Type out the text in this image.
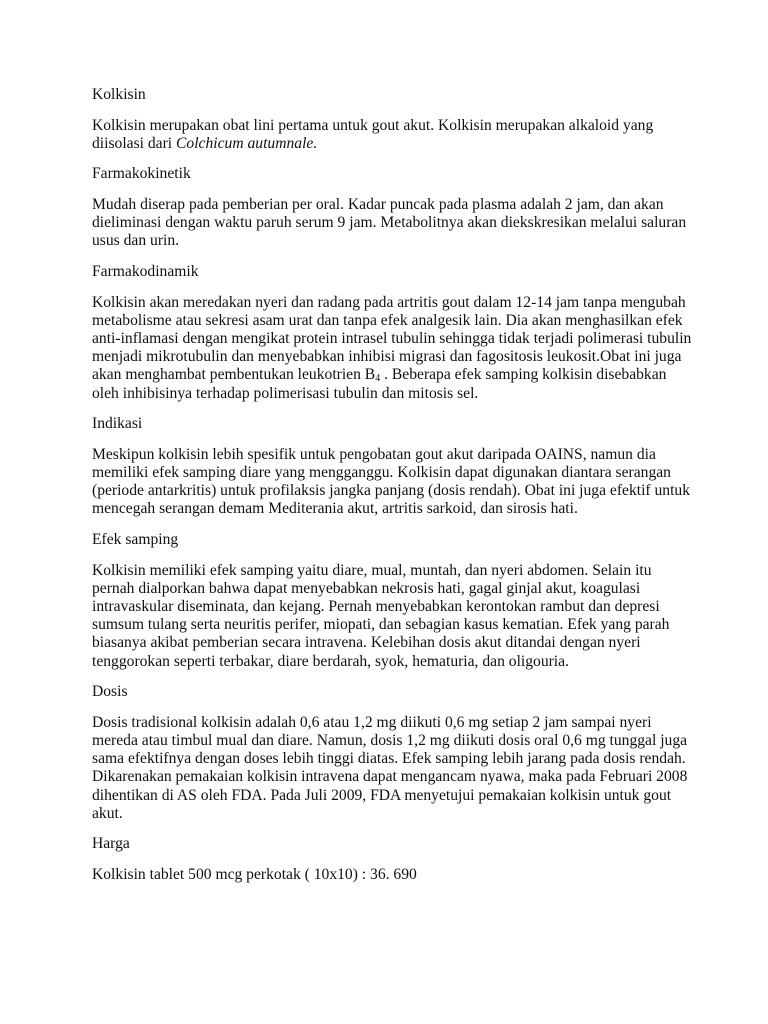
Kolkisin

Kolkisin merupakan obat lini pertama untuk gout akut. Kolkisin merupakan alkaloid yang diisolasi dari Colchicum autumnale.

Farmakokinetik

Mudah diserap pada pemberian per oral. Kadar puncak pada plasma adalah 2 jam, dan akan dieliminasi dengan waktu paruh serum 9 jam. Metabolitnya akan diekskresikan melalui saluran usus dan urin.

Farmakodinamik

Kolkisin akan meredakan nyeri dan radang pada artritis gout dalam 12-14 jam tanpa mengubah metabolisme atau sekresi asam urat dan tanpa efek analgesik lain. Dia akan menghasilkan efek anti-inflamasi dengan mengikat protein intrasel tubulin sehingga tidak terjadi polimerasi tubulin menjadi mikrotubulin dan menyebabkan inhibisi migrasi dan fagositosis leukosit.Obat ini juga akan menghambat pembentukan leukotrien $B_4$ . Beberapa efek samping kolkisin disebabkan oleh inhibisinya terhadap polimerisasi tubulin dan mitosis sel.

Indikasi

Meskipun kolkisin lebih spesifik untuk pengobatan gout akut daripada OAINS, namun dia memiliki efek samping diare yang mengganggu. Kolkisin dapat digunakan diantara serangan (periode antarkritis) untuk profilaksis jangka panjang (dosis rendah). Obat ini juga efektif untuk mencegah serangan demam Mediterania akut, artritis sarkoid, dan sirosis hati.

Efek samping

Kolkisin memiliki efek samping yaitu diare, mual, muntah, dan nyeri abdomen. Selain itu pernah dialporkan bahwa dapat menyebabkan nekrosis hati, gagal ginjal akut, koagulasi intravaskular diseminata, dan kejang. Pernah menyebabkan kerontokan rambut dan depresi sumsum tulang serta neuritis perifer, miopati, dan sebagian kasus kematian. Efek yang parah biasanya akibat pemberian secara intravena. Kelebihan dosis akut ditandai dengan nyeri tenggorokan seperti terbakar, diare berdarah, syok, hematuria, dan oligouria.

Dosis

Dosis tradisional kolkisin adalah 0,6 atau 1,2 mg diikuti 0,6 mg setiap 2 jam sampai nyeri mereda atau timbul mual dan diare. Namun, dosis 1,2 mg diikuti dosis oral 0,6 mg tunggal juga sama efektifnya dengan doses lebih tinggi diatas. Efek samping lebih jarang pada dosis rendah. Dikarenakan pemakaian kolkisin intravena dapat mengancam nyawa, maka pada Februari 2008 dihentikan di AS oleh FDA. Pada Juli 2009, FDA menyetujui pemakaian kolkisin untuk gout akut.

Harga

Kolkisin tablet 500 mcg perkotak ( 10x10) : 36. 690
